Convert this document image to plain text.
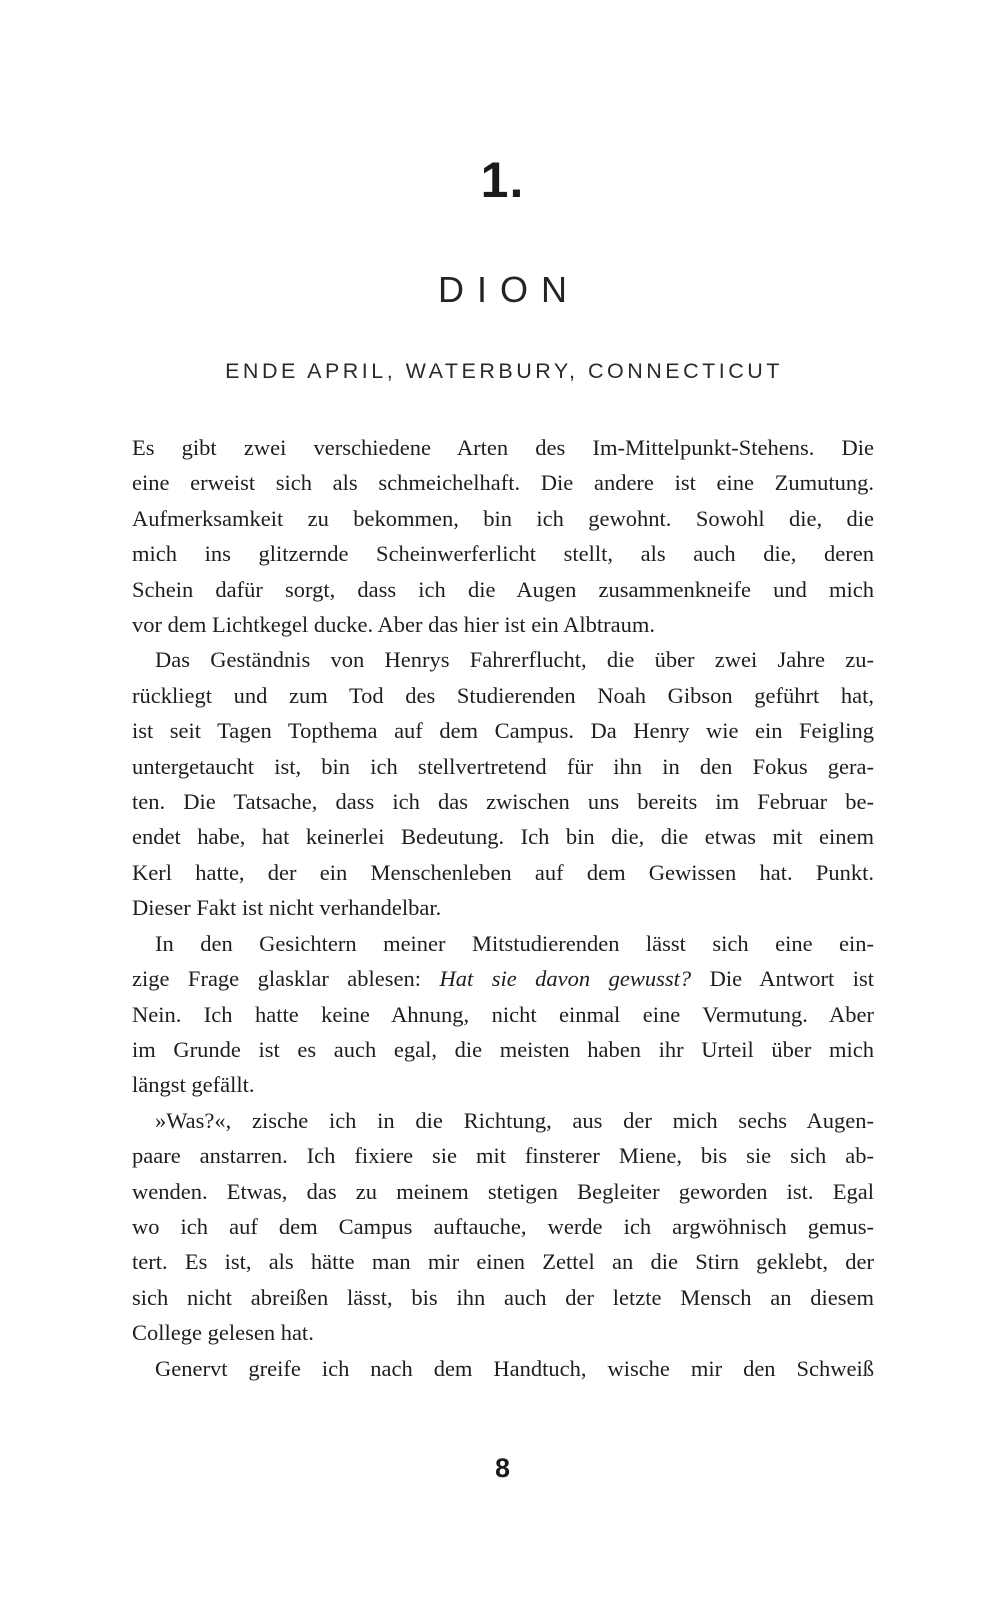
1.
DION
ENDE APRIL, WATERBURY, CONNECTICUT
Es gibt zwei verschiedene Arten des Im-Mittelpunkt-Stehens. Die
eine erweist sich als schmeichelhaft. Die andere ist eine Zumutung.
Aufmerksamkeit zu bekommen, bin ich gewohnt. Sowohl die, die
mich ins glitzernde Scheinwerferlicht stellt, als auch die, deren
Schein dafür sorgt, dass ich die Augen zusammenkneife und mich
vor dem Lichtkegel ducke. Aber das hier ist ein Albtraum.
Das Geständnis von Henrys Fahrerflucht, die über zwei Jahre zu-
rückliegt und zum Tod des Studierenden Noah Gibson geführt hat,
ist seit Tagen Topthema auf dem Campus. Da Henry wie ein Feigling
untergetaucht ist, bin ich stellvertretend für ihn in den Fokus gera-
ten. Die Tatsache, dass ich das zwischen uns bereits im Februar be-
endet habe, hat keinerlei Bedeutung. Ich bin die, die etwas mit einem
Kerl hatte, der ein Menschenleben auf dem Gewissen hat. Punkt.
Dieser Fakt ist nicht verhandelbar.
In den Gesichtern meiner Mitstudierenden lässt sich eine ein-
zige Frage glasklar ablesen: Hat sie davon gewusst? Die Antwort ist
Nein. Ich hatte keine Ahnung, nicht einmal eine Vermutung. Aber
im Grunde ist es auch egal, die meisten haben ihr Urteil über mich
längst gefällt.
»Was?«, zische ich in die Richtung, aus der mich sechs Augen-
paare anstarren. Ich fixiere sie mit finsterer Miene, bis sie sich ab-
wenden. Etwas, das zu meinem stetigen Begleiter geworden ist. Egal
wo ich auf dem Campus auftauche, werde ich argwöhnisch gemus-
tert. Es ist, als hätte man mir einen Zettel an die Stirn geklebt, der
sich nicht abreißen lässt, bis ihn auch der letzte Mensch an diesem
College gelesen hat.
Genervt greife ich nach dem Handtuch, wische mir den Schweiß
8
